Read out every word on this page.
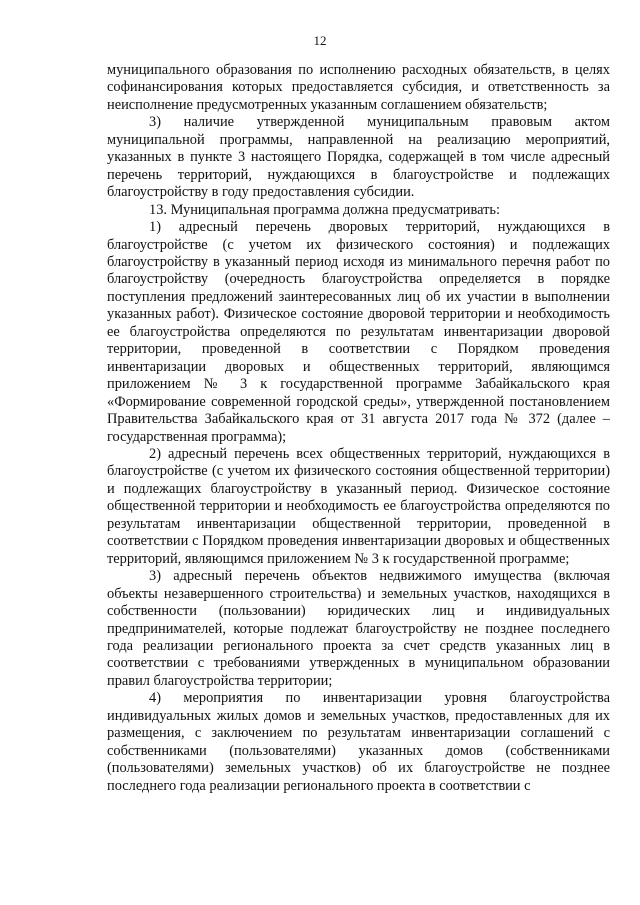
12

муниципального образования по исполнению расходных обязательств, в целях софинансирования которых предоставляется субсидия, и ответственность за неисполнение предусмотренных указанным соглашением обязательств;

3) наличие утвержденной муниципальным правовым актом муниципальной программы, направленной на реализацию мероприятий, указанных в пункте 3 настоящего Порядка, содержащей в том числе адресный перечень территорий, нуждающихся в благоустройстве и подлежащих благоустройству в году предоставления субсидии.

13. Муниципальная программа должна предусматривать:

1) адресный перечень дворовых территорий, нуждающихся в благоустройстве (с учетом их физического состояния) и подлежащих благоустройству в указанный период исходя из минимального перечня работ по благоустройству (очередность благоустройства определяется в порядке поступления предложений заинтересованных лиц об их участии в выполнении указанных работ). Физическое состояние дворовой территории и необходимость ее благоустройства определяются по результатам инвентаризации дворовой территории, проведенной в соответствии с Порядком проведения инвентаризации дворовых и общественных территорий, являющимся приложением № 3 к государственной программе Забайкальского края «Формирование современной городской среды», утвержденной постановлением Правительства Забайкальского края от 31 августа 2017 года № 372 (далее – государственная программа);

2) адресный перечень всех общественных территорий, нуждающихся в благоустройстве (с учетом их физического состояния общественной территории) и подлежащих благоустройству в указанный период. Физическое состояние общественной территории и необходимость ее благоустройства определяются по результатам инвентаризации общественной территории, проведенной в соответствии с Порядком проведения инвентаризации дворовых и общественных территорий, являющимся приложением № 3 к государственной программе;

3) адресный перечень объектов недвижимого имущества (включая объекты незавершенного строительства) и земельных участков, находящихся в собственности (пользовании) юридических лиц и индивидуальных предпринимателей, которые подлежат благоустройству не позднее последнего года реализации регионального проекта за счет средств указанных лиц в соответствии с требованиями утвержденных в муниципальном образовании правил благоустройства территории;

4) мероприятия по инвентаризации уровня благоустройства индивидуальных жилых домов и земельных участков, предоставленных для их размещения, с заключением по результатам инвентаризации соглашений с собственниками (пользователями) указанных домов (собственниками (пользователями) земельных участков) об их благоустройстве не позднее последнего года реализации регионального проекта в соответствии с
